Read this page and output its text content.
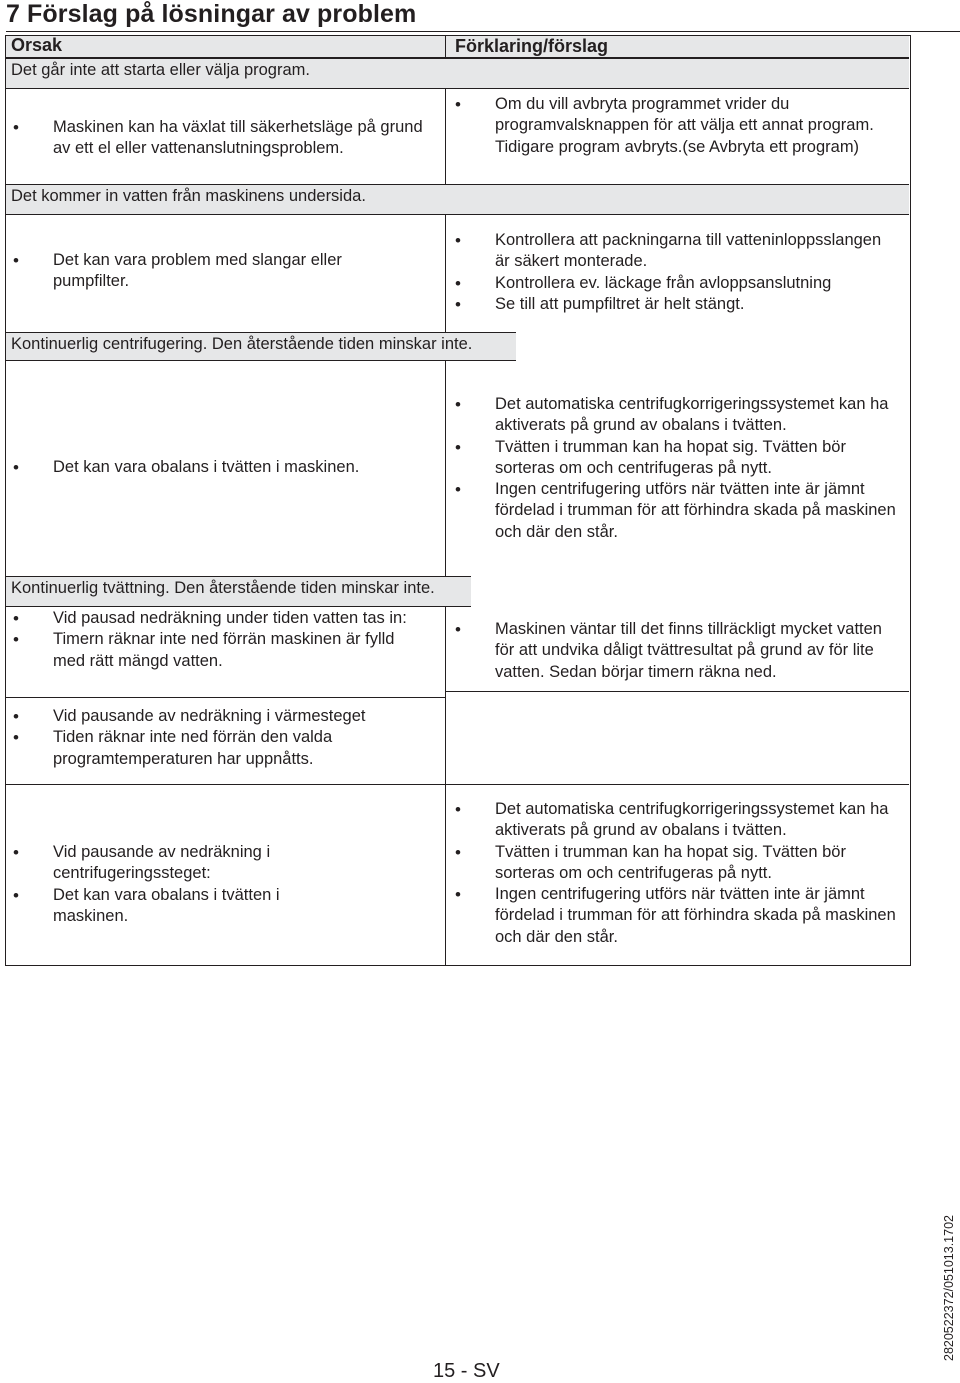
7 Förslag på lösningar av problem
Orsak	Förklaring/förslag
Det går inte att starta eller välja program.
• Maskinen kan ha växlat till säkerhetsläge på grund av ett el eller vattenanslutningsproblem.
• Om du vill avbryta programmet vrider du programvalsknappen för att välja ett annat program. Tidigare program avbryts.(se Avbryta ett program)
Det kommer in vatten från maskinens undersida.
• Det kan vara problem med slangar eller pumpfilter.
• Kontrollera att packningarna till vatteninloppsslangen är säkert monterade.
• Kontrollera ev. läckage från avloppsanslutning
• Se till att pumpfiltret är helt stängt.
Kontinuerlig centrifugering. Den återstående tiden minskar inte.
• Det kan vara obalans i tvätten i maskinen.
• Det automatiska centrifugkorrigeringssystemet kan ha aktiverats på grund av obalans i tvätten.
• Tvätten i trumman kan ha hopat sig. Tvätten bör sorteras om och centrifugeras på nytt.
• Ingen centrifugering utförs när tvätten inte är jämnt fördelad i trumman för att förhindra skada på maskinen och där den står.
Kontinuerlig tvättning. Den återstående tiden minskar inte.
• Vid pausad nedräkning under tiden vatten tas in:
• Timern räknar inte ned förrän maskinen är fylld med rätt mängd vatten.
• Maskinen väntar till det finns tillräckligt mycket vatten för att undvika dåligt tvättresultat på grund av för lite vatten. Sedan börjar timern räkna ned.
• Vid pausande av nedräkning i värmesteget
• Tiden räknar inte ned förrän den valda programtemperaturen har uppnåtts.
• Vid pausande av nedräkning i centrifugeringssteget:
• Det kan vara obalans i tvätten i maskinen.
• Det automatiska centrifugkorrigeringssystemet kan ha aktiverats på grund av obalans i tvätten.
• Tvätten i trumman kan ha hopat sig. Tvätten bör sorteras om och centrifugeras på nytt.
• Ingen centrifugering utförs när tvätten inte är jämnt fördelad i trumman för att förhindra skada på maskinen och där den står.
15 - SV
2820522372/051013.1702
